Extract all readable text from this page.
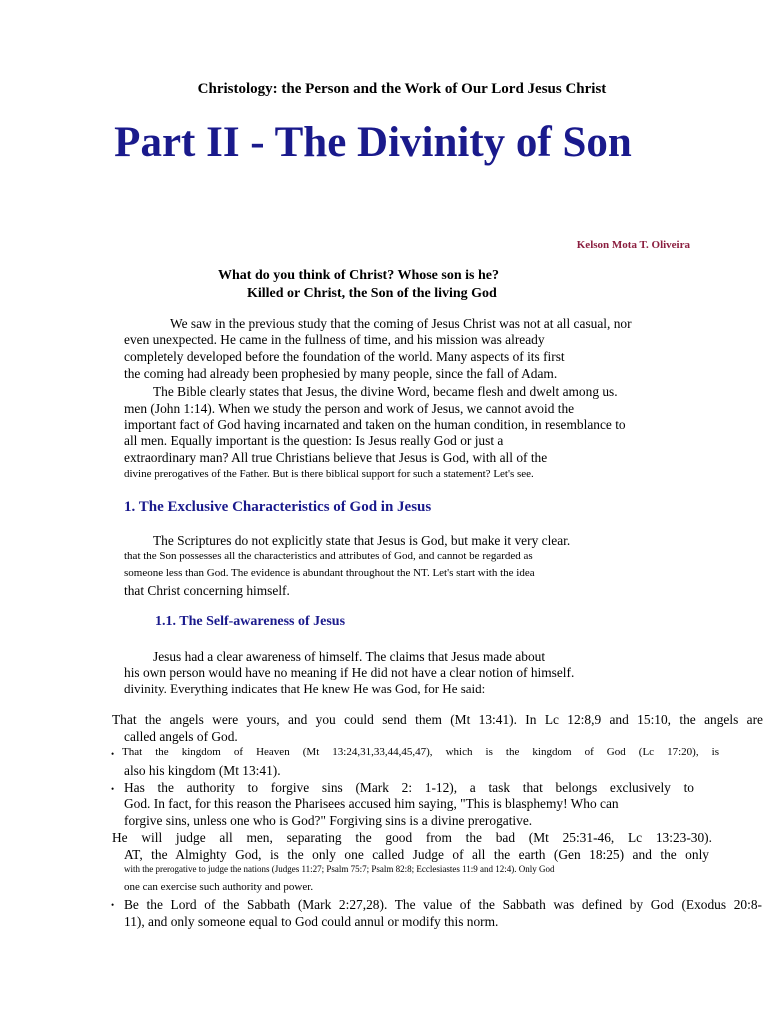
Christology: the Person and the Work of Our Lord Jesus Christ
Part II - The Divinity of Son
Kelson Mota T. Oliveira
What do you think of Christ? Whose son is he?
Killed or Christ, the Son of the living God
We saw in the previous study that the coming of Jesus Christ was not at all casual, nor
even unexpected. He came in the fullness of time, and his mission was already
completely developed before the foundation of the world. Many aspects of its first
the coming had already been prophesied by many people, since the fall of Adam.
The Bible clearly states that Jesus, the divine Word, became flesh and dwelt among us.
men (John 1:14). When we study the person and work of Jesus, we cannot avoid the
important fact of God having incarnated and taken on the human condition, in resemblance to
all men. Equally important is the question: Is Jesus really God or just a
extraordinary man? All true Christians believe that Jesus is God, with all of the
divine prerogatives of the Father. But is there biblical support for such a statement? Let's see.
1. The Exclusive Characteristics of God in Jesus
The Scriptures do not explicitly state that Jesus is God, but make it very clear.
that the Son possesses all the characteristics and attributes of God, and cannot be regarded as
someone less than God. The evidence is abundant throughout the NT. Let's start with the idea
that Christ concerning himself.
1.1. The Self-awareness of Jesus
Jesus had a clear awareness of himself. The claims that Jesus made about
his own person would have no meaning if He did not have a clear notion of himself.
divinity. Everything indicates that He knew He was God, for He said:
That the angels were yours, and you could send them (Mt 13:41). In Lc 12:8,9 and 15:10, the angels are
called angels of God.
• That the kingdom of Heaven (Mt 13:24,31,33,44,45,47), which is the kingdom of God (Lc 17:20), is
also his kingdom (Mt 13:41).
• Has the authority to forgive sins (Mark 2: 1-12), a task that belongs exclusively to
God. In fact, for this reason the Pharisees accused him saying, "This is blasphemy! Who can
forgive sins, unless one who is God?" Forgiving sins is a divine prerogative.
He will judge all men, separating the good from the bad (Mt 25:31-46, Lc 13:23-30).
AT, the Almighty God, is the only one called Judge of all the earth (Gen 18:25) and the only
with the prerogative to judge the nations (Judges 11:27; Psalm 75:7; Psalm 82:8; Ecclesiastes 11:9 and 12:4). Only God
one can exercise such authority and power.
• Be the Lord of the Sabbath (Mark 2:27,28). The value of the Sabbath was defined by God (Exodus 20:8-
11), and only someone equal to God could annul or modify this norm.
